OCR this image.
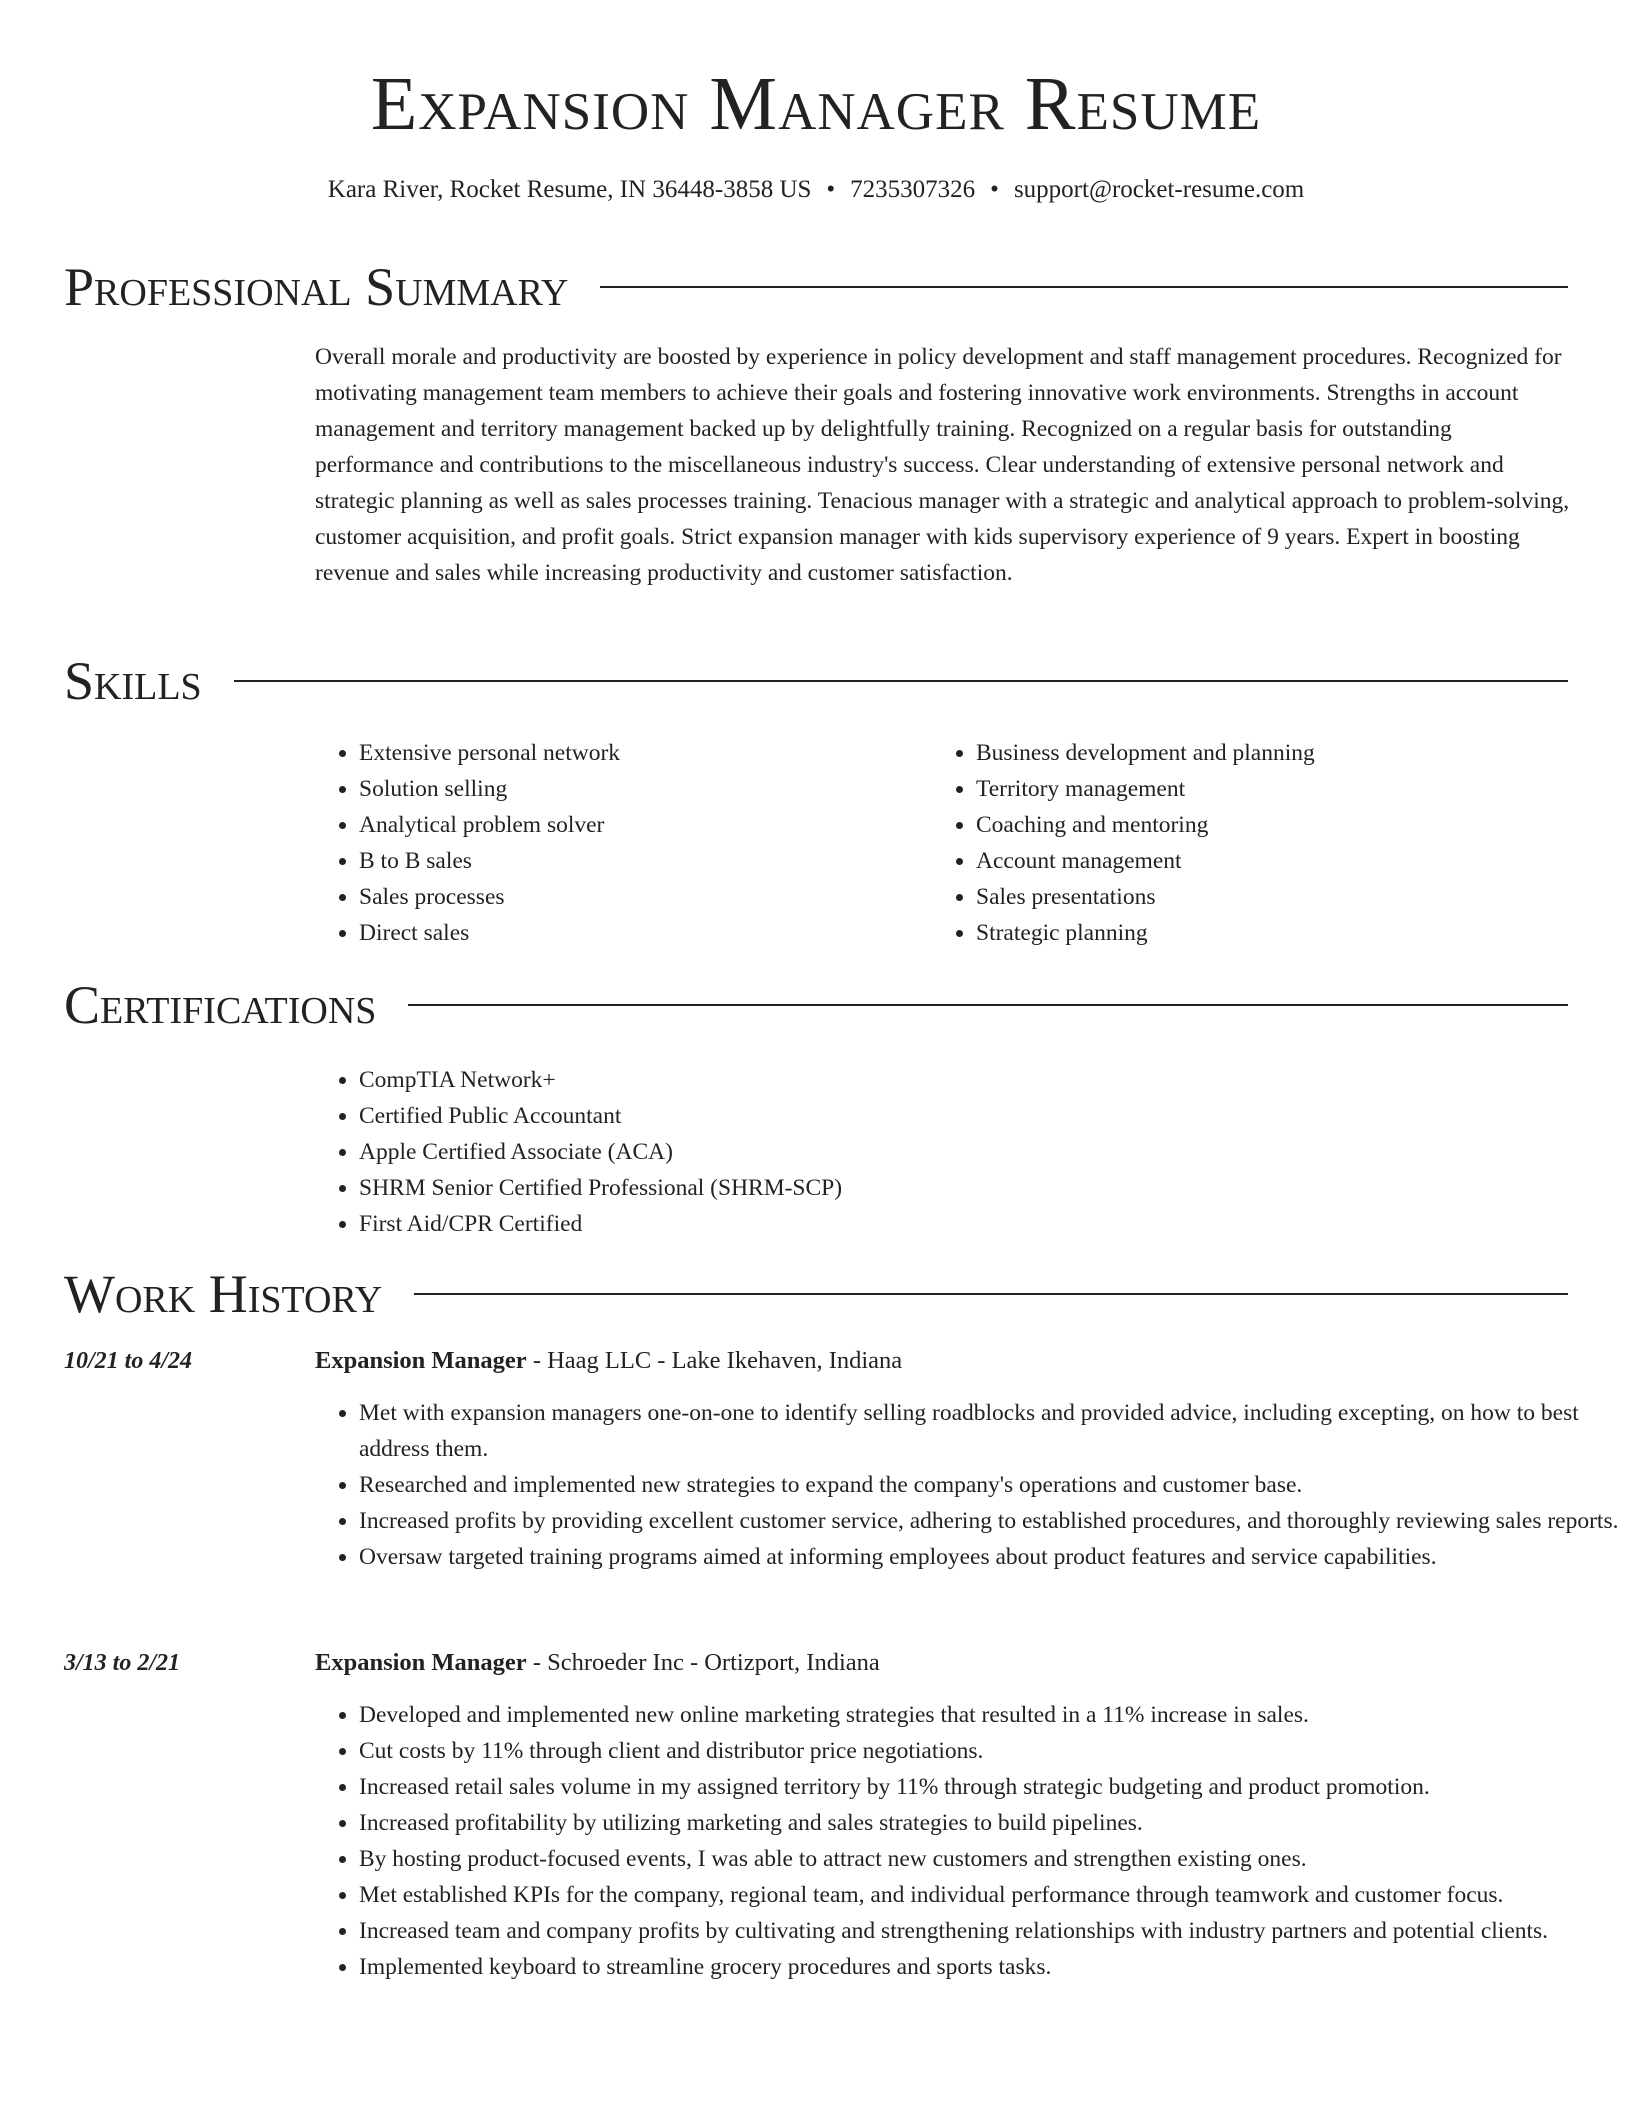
Expansion Manager Resume
Kara River, Rocket Resume, IN 36448-3858 US • 7235307326 • support@rocket-resume.com
Professional Summary
Overall morale and productivity are boosted by experience in policy development and staff management procedures. Recognized for motivating management team members to achieve their goals and fostering innovative work environments. Strengths in account management and territory management backed up by delightfully training. Recognized on a regular basis for outstanding performance and contributions to the miscellaneous industry's success. Clear understanding of extensive personal network and strategic planning as well as sales processes training. Tenacious manager with a strategic and analytical approach to problem-solving, customer acquisition, and profit goals. Strict expansion manager with kids supervisory experience of 9 years. Expert in boosting revenue and sales while increasing productivity and customer satisfaction.
Skills
• Extensive personal network
• Solution selling
• Analytical problem solver
• B to B sales
• Sales processes
• Direct sales
• Business development and planning
• Territory management
• Coaching and mentoring
• Account management
• Sales presentations
• Strategic planning
Certifications
• CompTIA Network+
• Certified Public Accountant
• Apple Certified Associate (ACA)
• SHRM Senior Certified Professional (SHRM-SCP)
• First Aid/CPR Certified
Work History
10/21 to 4/24	Expansion Manager - Haag LLC - Lake Ikehaven, Indiana
• Met with expansion managers one-on-one to identify selling roadblocks and provided advice, including excepting, on how to best address them.
• Researched and implemented new strategies to expand the company's operations and customer base.
• Increased profits by providing excellent customer service, adhering to established procedures, and thoroughly reviewing sales reports.
• Oversaw targeted training programs aimed at informing employees about product features and service capabilities.
3/13 to 2/21	Expansion Manager - Schroeder Inc - Ortizport, Indiana
• Developed and implemented new online marketing strategies that resulted in a 11% increase in sales.
• Cut costs by 11% through client and distributor price negotiations.
• Increased retail sales volume in my assigned territory by 11% through strategic budgeting and product promotion.
• Increased profitability by utilizing marketing and sales strategies to build pipelines.
• By hosting product-focused events, I was able to attract new customers and strengthen existing ones.
• Met established KPIs for the company, regional team, and individual performance through teamwork and customer focus.
• Increased team and company profits by cultivating and strengthening relationships with industry partners and potential clients.
• Implemented keyboard to streamline grocery procedures and sports tasks.
